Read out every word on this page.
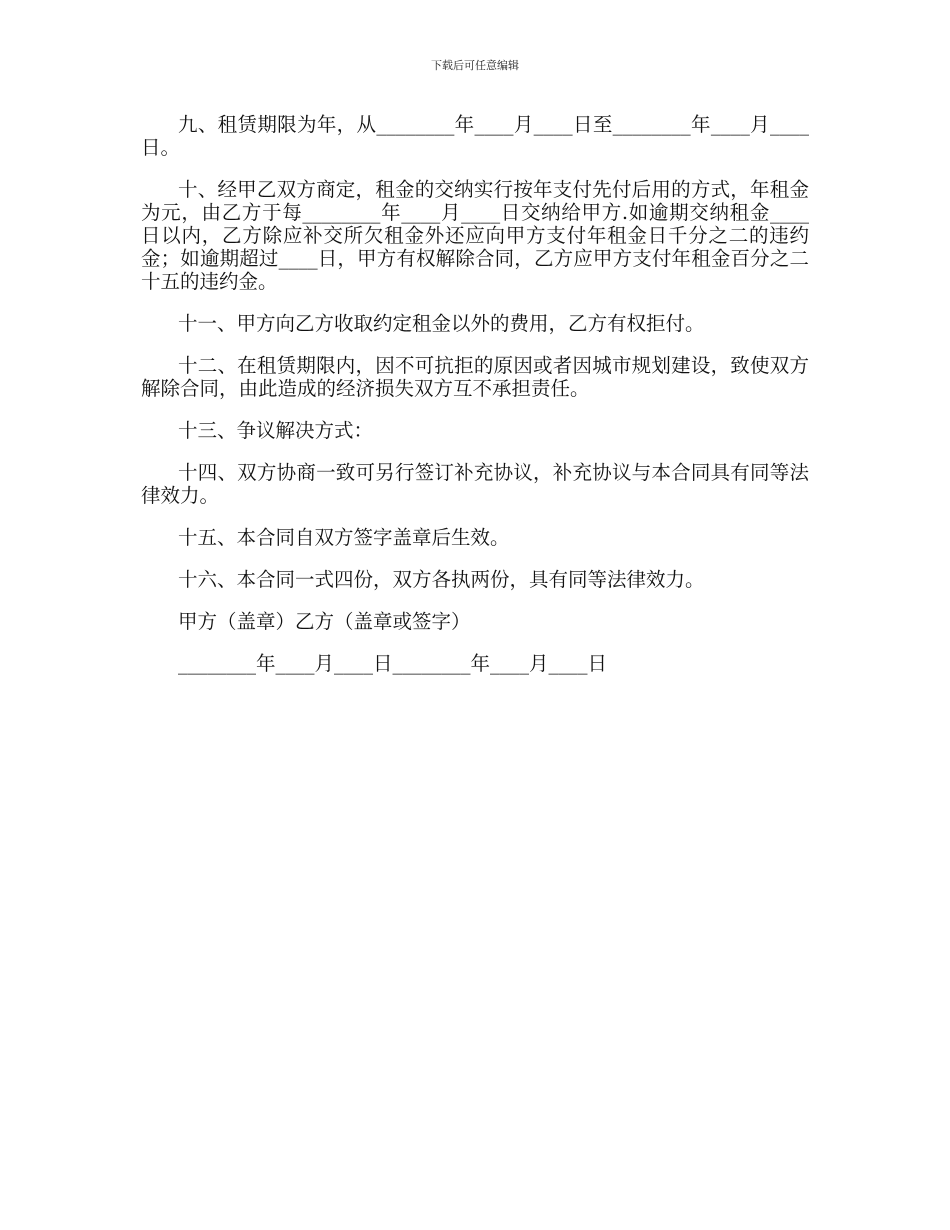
下载后可任意编辑

九、租赁期限为年，从________年____月____日至________年____月____日。

十、经甲乙双方商定，租金的交纳实行按年支付先付后用的方式，年租金为元，由乙方于每________年____月____日交纳给甲方.如逾期交纳租金____日以内，乙方除应补交所欠租金外还应向甲方支付年租金日千分之二的违约金；如逾期超过____日，甲方有权解除合同，乙方应甲方支付年租金百分之二十五的违约金。

十一、甲方向乙方收取约定租金以外的费用，乙方有权拒付。

十二、在租赁期限内，因不可抗拒的原因或者因城市规划建设，致使双方解除合同，由此造成的经济损失双方互不承担责任。

十三、争议解决方式：

十四、双方协商一致可另行签订补充协议，补充协议与本合同具有同等法律效力。

十五、本合同自双方签字盖章后生效。

十六、本合同一式四份，双方各执两份，具有同等法律效力。

甲方（盖章）乙方（盖章或签字）

________年____月____日________年____月____日
